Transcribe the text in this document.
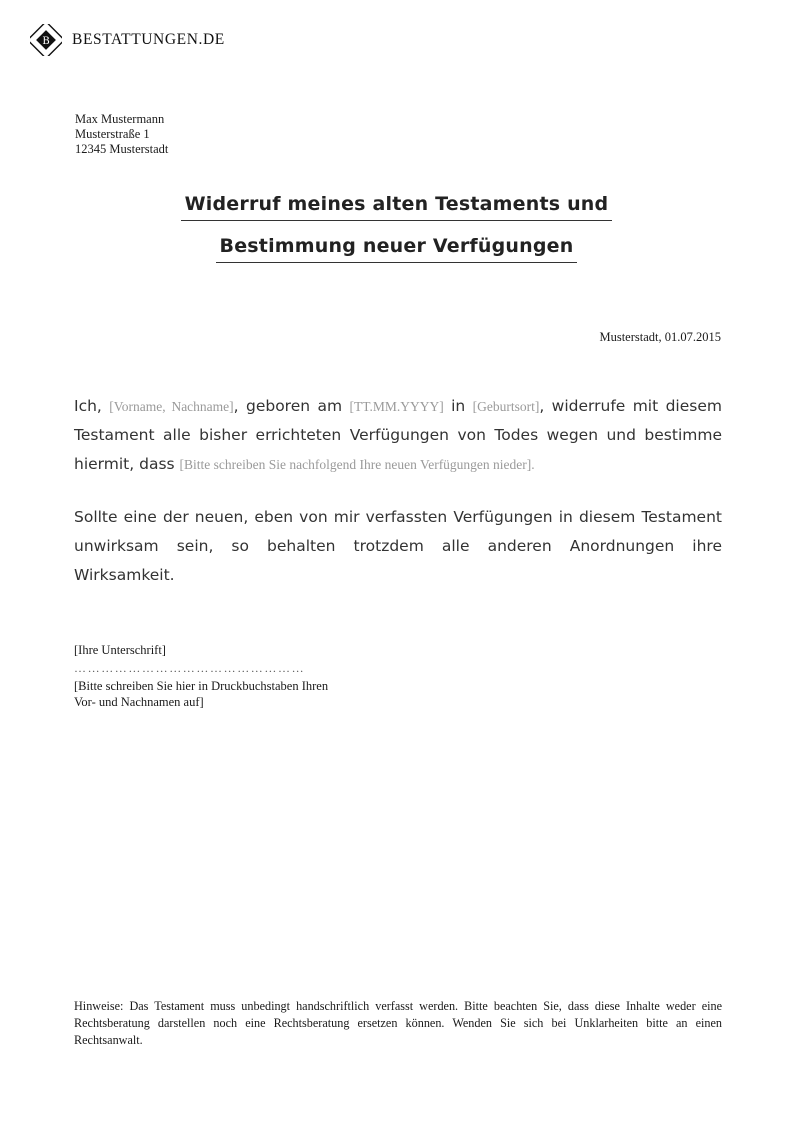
B BESTATTUNGEN.DE
Max Mustermann
Musterstraße 1
12345 Musterstadt
Widerruf meines alten Testaments und
Bestimmung neuer Verfügungen
Musterstadt, 01.07.2015

Ich, [Vorname, Nachname], geboren am [TT.MM.YYYY] in [Geburtsort], widerrufe mit diesem Testament alle bisher errichteten Verfügungen von Todes wegen und bestimme hiermit, dass [Bitte schreiben Sie nachfolgend Ihre neuen Verfügungen nieder].

Sollte eine der neuen, eben von mir verfassten Verfügungen in diesem Testament unwirksam sein, so behalten trotzdem alle anderen Anordnungen ihre Wirksamkeit.

[Ihre Unterschrift]
……………………………………………
[Bitte schreiben Sie hier in Druckbuchstaben Ihren
Vor- und Nachnamen auf]
Hinweise: Das Testament muss unbedingt handschriftlich verfasst werden. Bitte beachten Sie, dass diese Inhalte weder eine Rechtsberatung darstellen noch eine Rechtsberatung ersetzen können. Wenden Sie sich bei Unklarheiten bitte an einen Rechtsanwalt.
